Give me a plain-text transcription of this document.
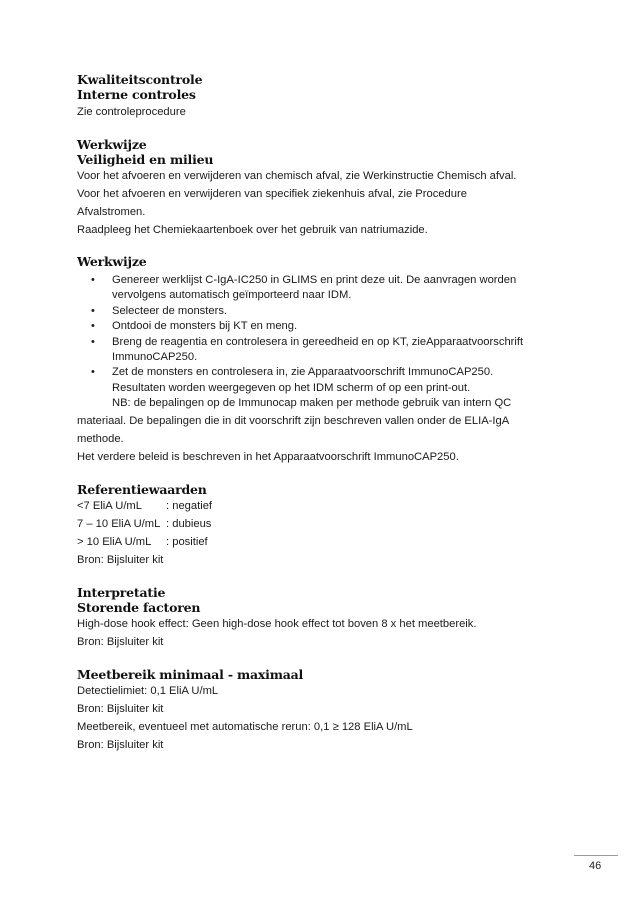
Kwaliteitscontrole
Interne controles
Zie controleprocedure
Werkwijze
Veiligheid en milieu
Voor het afvoeren en verwijderen van chemisch afval, zie Werkinstructie Chemisch afval.
Voor het afvoeren en verwijderen van specifiek ziekenhuis afval, zie Procedure
Afvalstromen.
Raadpleeg het Chemiekaartenboek over het gebruik van natriumazide.
Werkwijze
• Genereer werklijst C-IgA-IC250 in GLIMS en print deze uit. De aanvragen worden
vervolgens automatisch geïmporteerd naar IDM.
• Selecteer de monsters.
• Ontdooi de monsters bij KT en meng.
• Breng de reagentia en controlesera in gereedheid en op KT, zieApparaatvoorschrift
ImmunoCAP250.
• Zet de monsters en controlesera in, zie Apparaatvoorschrift ImmunoCAP250.
Resultaten worden weergegeven op het IDM scherm of op een print-out.
NB: de bepalingen op de Immunocap maken per methode gebruik van intern QC
materiaal. De bepalingen die in dit voorschrift zijn beschreven vallen onder de ELIA-IgA
methode.
Het verdere beleid is beschreven in het Apparaatvoorschrift ImmunoCAP250.
Referentiewaarden
<7 EliA U/mL	: negatief
7 – 10 EliA U/mL : dubieus
> 10 EliA U/mL	: positief
Bron: Bijsluiter kit
Interpretatie
Storende factoren
High-dose hook effect: Geen high-dose hook effect tot boven 8 x het meetbereik.
Bron: Bijsluiter kit
Meetbereik minimaal - maximaal
Detectielimiet: 0,1 EliA U/mL
Bron: Bijsluiter kit
Meetbereik, eventueel met automatische rerun: 0,1 ≥ 128 EliA U/mL
Bron: Bijsluiter kit
46
